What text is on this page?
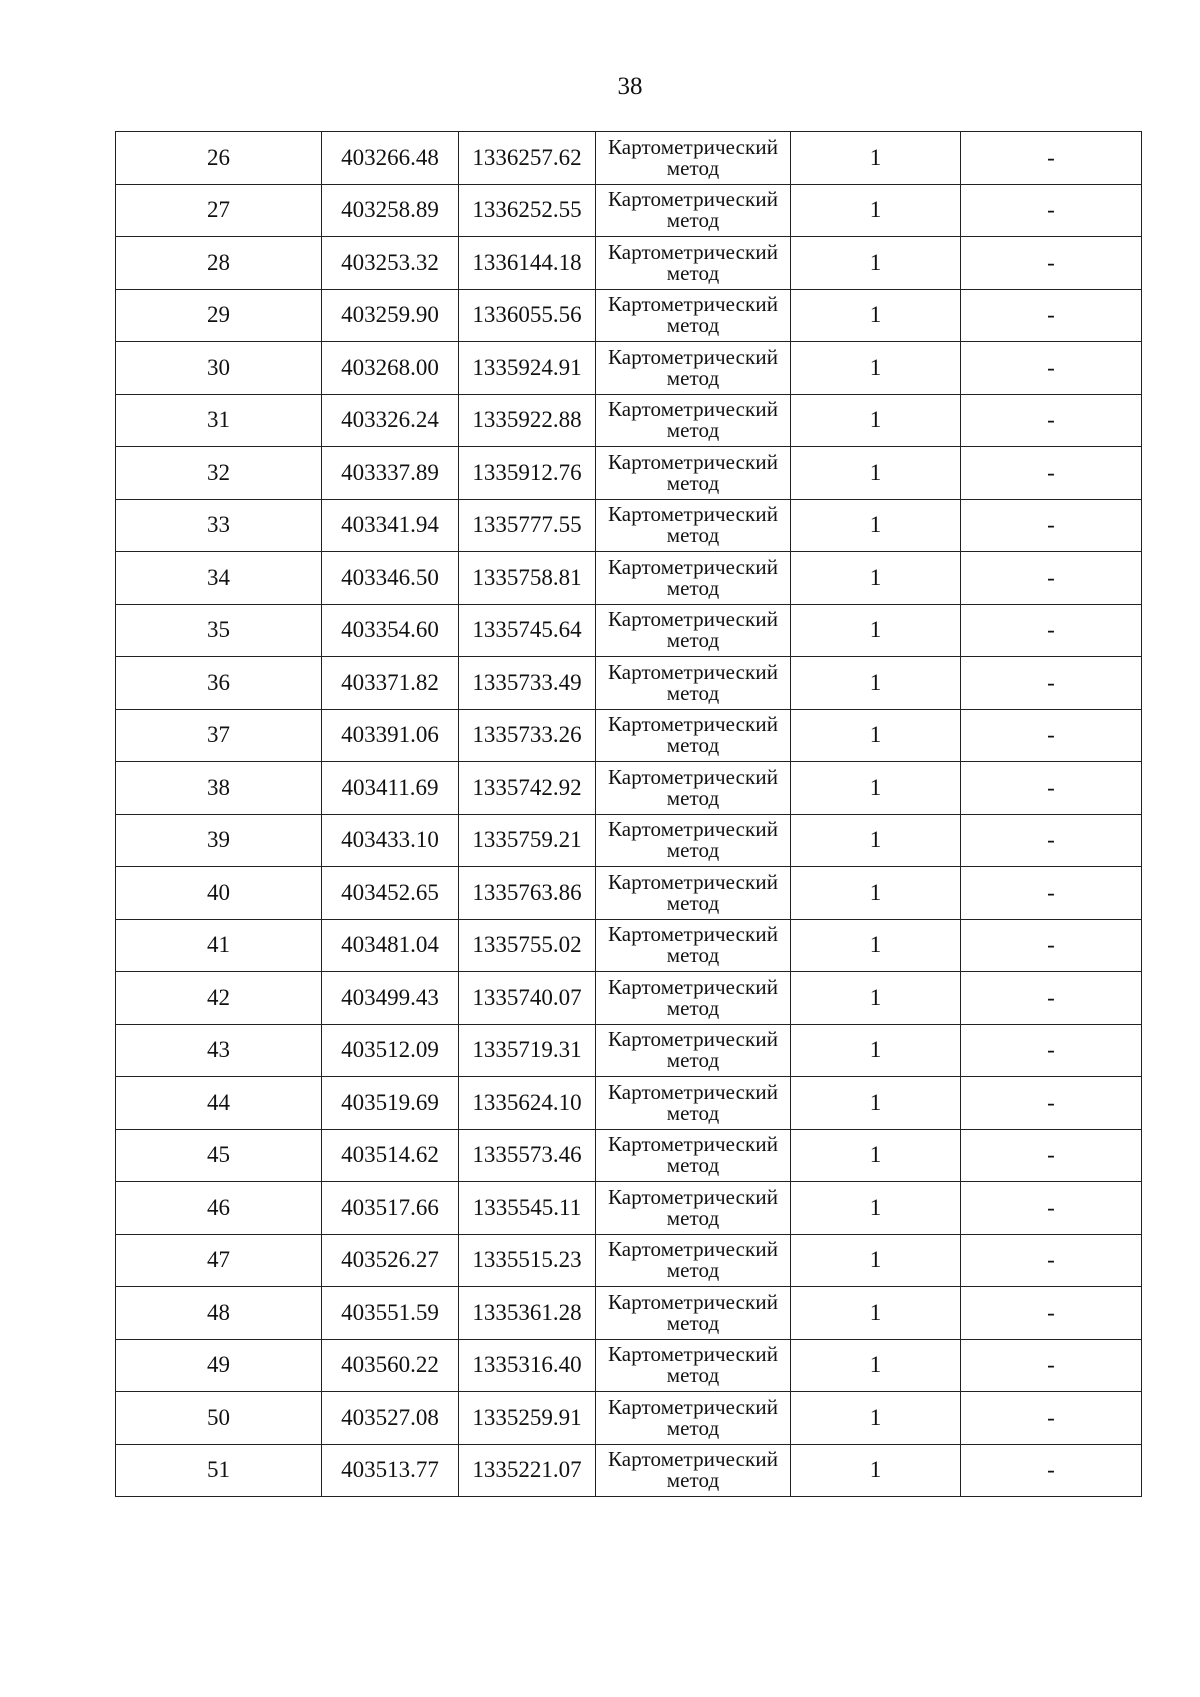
38
26	403266.48	1336257.62	Картометрический метод	1	-
27	403258.89	1336252.55	Картометрический метод	1	-
28	403253.32	1336144.18	Картометрический метод	1	-
29	403259.90	1336055.56	Картометрический метод	1	-
30	403268.00	1335924.91	Картометрический метод	1	-
31	403326.24	1335922.88	Картометрический метод	1	-
32	403337.89	1335912.76	Картометрический метод	1	-
33	403341.94	1335777.55	Картометрический метод	1	-
34	403346.50	1335758.81	Картометрический метод	1	-
35	403354.60	1335745.64	Картометрический метод	1	-
36	403371.82	1335733.49	Картометрический метод	1	-
37	403391.06	1335733.26	Картометрический метод	1	-
38	403411.69	1335742.92	Картометрический метод	1	-
39	403433.10	1335759.21	Картометрический метод	1	-
40	403452.65	1335763.86	Картометрический метод	1	-
41	403481.04	1335755.02	Картометрический метод	1	-
42	403499.43	1335740.07	Картометрический метод	1	-
43	403512.09	1335719.31	Картометрический метод	1	-
44	403519.69	1335624.10	Картометрический метод	1	-
45	403514.62	1335573.46	Картометрический метод	1	-
46	403517.66	1335545.11	Картометрический метод	1	-
47	403526.27	1335515.23	Картометрический метод	1	-
48	403551.59	1335361.28	Картометрический метод	1	-
49	403560.22	1335316.40	Картометрический метод	1	-
50	403527.08	1335259.91	Картометрический метод	1	-
51	403513.77	1335221.07	Картометрический метод	1	-
